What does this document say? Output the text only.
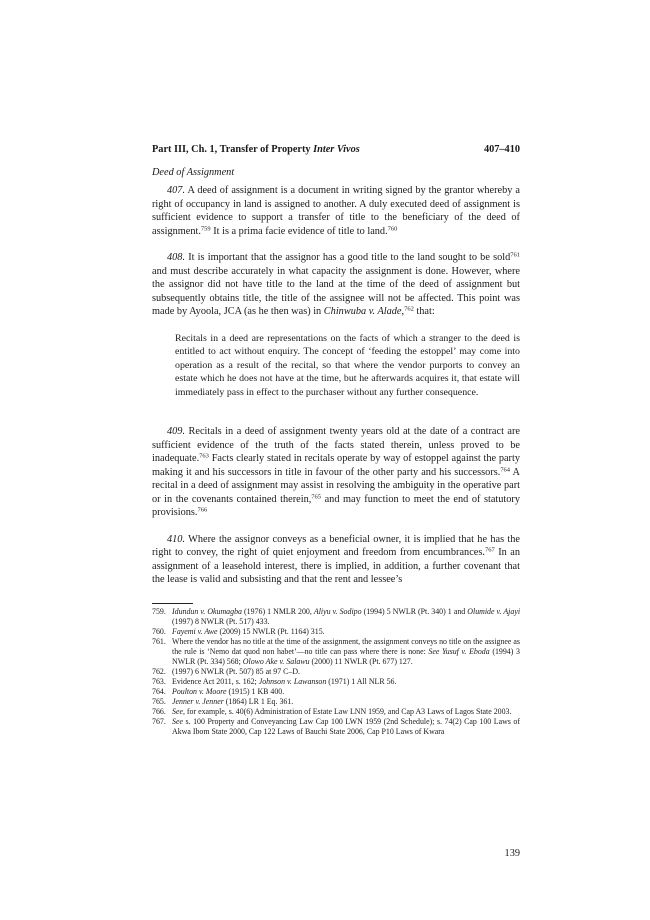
Part III, Ch. 1, Transfer of Property Inter Vivos	407–410
Deed of Assignment

407. A deed of assignment is a document in writing signed by the grantor whereby a right of occupancy in land is assigned to another. A duly executed deed of assignment is sufficient evidence to support a transfer of title to the beneficiary of the deed of assignment.$^{759}$ It is a prima facie evidence of title to land.$^{760}$

408. It is important that the assignor has a good title to the land sought to be sold$^{761}$ and must describe accurately in what capacity the assignment is done. However, where the assignor did not have title to the land at the time of the deed of assignment but subsequently obtains title, the title of the assignee will not be affected. This point was made by Ayoola, JCA (as he then was) in Chinwuba v. Alade,$^{762}$ that:

Recitals in a deed are representations on the facts of which a stranger to the deed is entitled to act without enquiry. The concept of ‘feeding the estoppel’ may come into operation as a result of the recital, so that where the vendor purports to convey an estate which he does not have at the time, but he afterwards acquires it, that estate will immediately pass in effect to the purchaser without any further consequence.

409. Recitals in a deed of assignment twenty years old at the date of a contract are sufficient evidence of the truth of the facts stated therein, unless proved to be inadequate.$^{763}$ Facts clearly stated in recitals operate by way of estoppel against the party making it and his successors in title in favour of the other party and his successors.$^{764}$ A recital in a deed of assignment may assist in resolving the ambiguity in the operative part or in the covenants contained therein,$^{765}$ and may function to meet the end of statutory provisions.$^{766}$

410. Where the assignor conveys as a beneficial owner, it is implied that he has the right to convey, the right of quiet enjoyment and freedom from encumbrances.$^{767}$ In an assignment of a leasehold interest, there is implied, in addition, a further covenant that the lease is valid and subsisting and that the rent and lessee’s

759. Idundun v. Okumagba (1976) 1 NMLR 200, Aliyu v. Sodipo (1994) 5 NWLR (Pt. 340) 1 and Olumide v. Ajayi (1997) 8 NWLR (Pt. 517) 433.
760. Fayemi v. Awe (2009) 15 NWLR (Pt. 1164) 315.
761. Where the vendor has no title at the time of the assignment, the assignment conveys no title on the assignee as the rule is ‘Nemo dat quod non habet’—no title can pass where there is none: See Yusuf v. Eboda (1994) 3 NWLR (Pt. 334) 568; Olowo Ake v. Salawu (2000) 11 NWLR (Pt. 677) 127.
762. (1997) 6 NWLR (Pt. 507) 85 at 97 C–D.
763. Evidence Act 2011, s. 162; Johnson v. Lawanson (1971) 1 All NLR 56.
764. Poulton v. Moore (1915) 1 KB 400.
765. Jenner v. Jenner (1864) LR 1 Eq. 361.
766. See, for example, s. 40(6) Administration of Estate Law LNN 1959, and Cap A3 Laws of Lagos State 2003.
767. See s. 100 Property and Conveyancing Law Cap 100 LWN 1959 (2nd Schedule); s. 74(2) Cap 100 Laws of Akwa Ibom State 2000, Cap 122 Laws of Bauchi State 2006, Cap P10 Laws of Kwara
139
